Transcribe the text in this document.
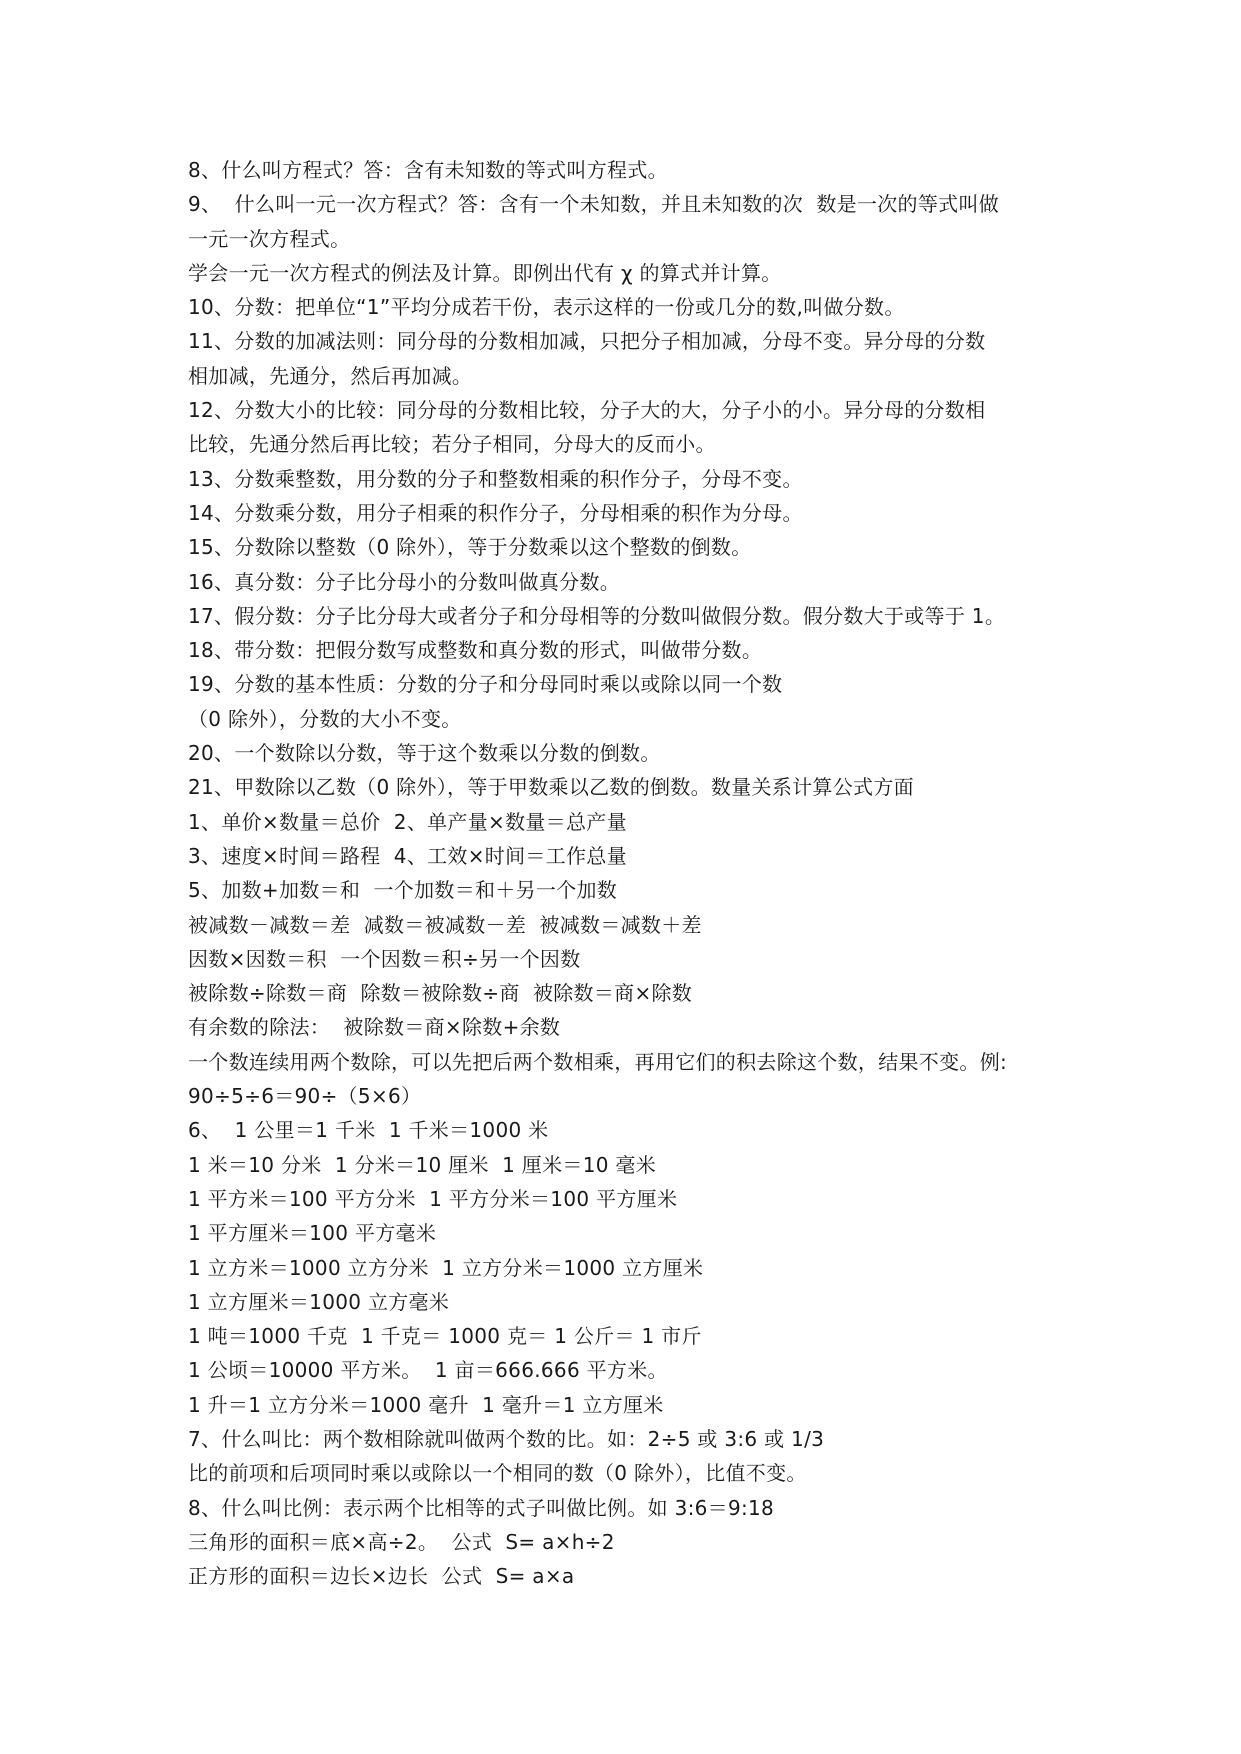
8、什么叫方程式？答：含有未知数的等式叫方程式。
9、  什么叫一元一次方程式？答：含有一个未知数，并且未知数的次  数是一次的等式叫做
一元一次方程式。
学会一元一次方程式的例法及计算。即例出代有 χ 的算式并计算。
10、分数：把单位“1”平均分成若干份，表示这样的一份或几分的数,叫做分数。
11、分数的加减法则：同分母的分数相加减，只把分子相加减，分母不变。异分母的分数
相加减，先通分，然后再加减。
12、分数大小的比较：同分母的分数相比较，分子大的大，分子小的小。异分母的分数相
比较，先通分然后再比较；若分子相同，分母大的反而小。
13、分数乘整数，用分数的分子和整数相乘的积作分子，分母不变。
14、分数乘分数，用分子相乘的积作分子，分母相乘的积作为分母。
15、分数除以整数（0 除外），等于分数乘以这个整数的倒数。
16、真分数：分子比分母小的分数叫做真分数。
17、假分数：分子比分母大或者分子和分母相等的分数叫做假分数。假分数大于或等于 1。
18、带分数：把假分数写成整数和真分数的形式，叫做带分数。
19、分数的基本性质：分数的分子和分母同时乘以或除以同一个数
（0 除外），分数的大小不变。
20、一个数除以分数，等于这个数乘以分数的倒数。
21、甲数除以乙数（0 除外），等于甲数乘以乙数的倒数。数量关系计算公式方面
1、单价×数量＝总价  2、单产量×数量＝总产量
3、速度×时间＝路程  4、工效×时间＝工作总量
5、加数+加数＝和  一个加数＝和＋另一个加数
被减数－减数＝差  减数＝被减数－差  被减数＝减数＋差
因数×因数＝积  一个因数＝积÷另一个因数
被除数÷除数＝商  除数＝被除数÷商  被除数＝商×除数
有余数的除法：  被除数＝商×除数+余数
一个数连续用两个数除，可以先把后两个数相乘，再用它们的积去除这个数，结果不变。例:
90÷5÷6＝90÷（5×6）
6、  1 公里＝1 千米  1 千米＝1000 米
1 米＝10 分米  1 分米＝10 厘米  1 厘米＝10 毫米
1 平方米＝100 平方分米  1 平方分米＝100 平方厘米
1 平方厘米＝100 平方毫米
1 立方米＝1000 立方分米  1 立方分米＝1000 立方厘米
1 立方厘米＝1000 立方毫米
1 吨＝1000 千克  1 千克＝ 1000 克＝ 1 公斤＝ 1 市斤
1 公顷＝10000 平方米。  1 亩＝666.666 平方米。
1 升＝1 立方分米＝1000 毫升  1 毫升＝1 立方厘米
7、什么叫比：两个数相除就叫做两个数的比。如：2÷5 或 3:6 或 1/3
比的前项和后项同时乘以或除以一个相同的数（0 除外），比值不变。
8、什么叫比例：表示两个比相等的式子叫做比例。如 3:6＝9:18
三角形的面积＝底×高÷2。  公式  S= a×h÷2
正方形的面积＝边长×边长  公式  S= a×a
